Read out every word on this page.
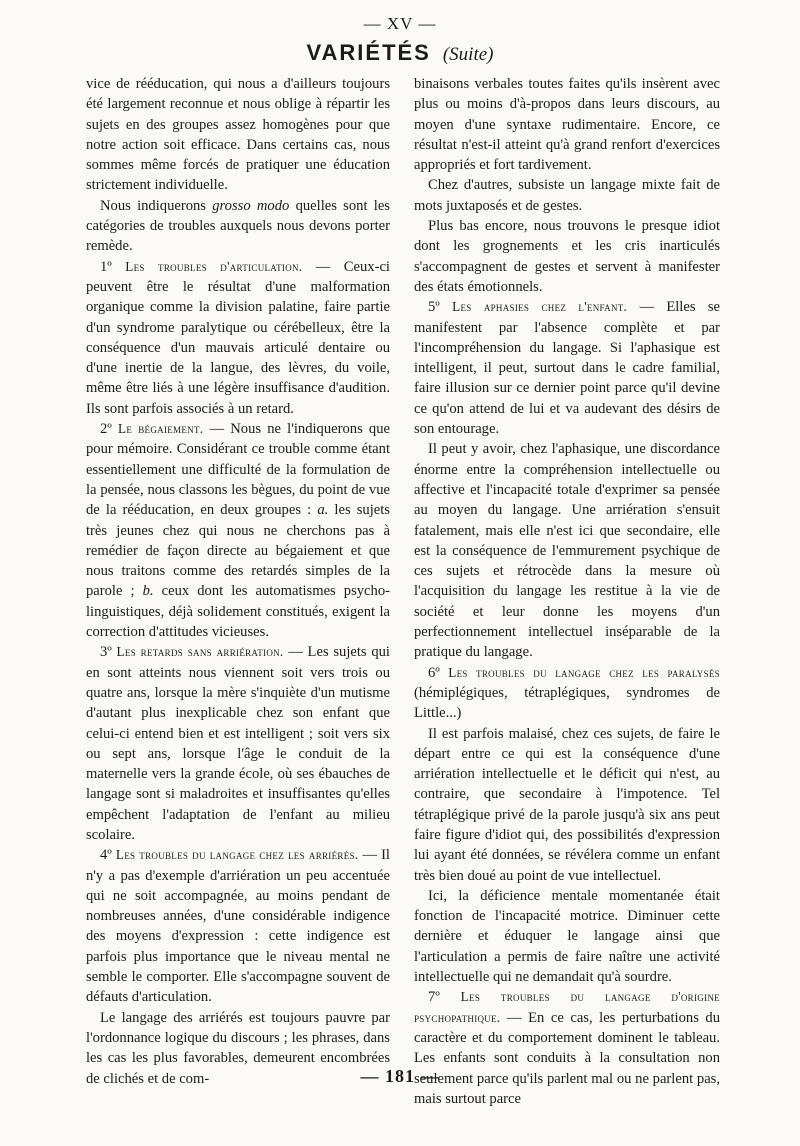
— XV —
VARIÉTÉS (Suite)

vice de rééducation, qui nous a d'ailleurs toujours été largement reconnue et nous oblige à répartir les sujets en des groupes assez homogènes pour que notre action soit efficace. Dans certains cas, nous sommes même forcés de pratiquer une éducation strictement individuelle.

Nous indiquerons grosso modo quelles sont les catégories de troubles auxquels nous devons porter remède.

1º Les troubles d'articulation. — Ceux-ci peuvent être le résultat d'une malformation organique comme la division palatine, faire partie d'un syndrome paralytique ou cérébelleux, être la conséquence d'un mauvais articulé dentaire ou d'une inertie de la langue, des lèvres, du voile, même être liés à une légère insuffisance d'audition. Ils sont parfois associés à un retard.

2º Le bégaiement. — Nous ne l'indiquerons que pour mémoire. Considérant ce trouble comme étant essentiellement une difficulté de la formulation de la pensée, nous classons les bègues, du point de vue de la rééducation, en deux groupes : a. les sujets très jeunes chez qui nous ne cherchons pas à remédier de façon directe au bégaiement et que nous traitons comme des retardés simples de la parole ; b. ceux dont les automatismes psycho-linguistiques, déjà solidement constitués, exigent la correction d'attitudes vicieuses.

3º Les retards sans arriération. — Les sujets qui en sont atteints nous viennent soit vers trois ou quatre ans, lorsque la mère s'inquiète d'un mutisme d'autant plus inexplicable chez son enfant que celui-ci entend bien et est intelligent ; soit vers six ou sept ans, lorsque l'âge le conduit de la maternelle vers la grande école, où ses ébauches de langage sont si maladroites et insuffisantes qu'elles empêchent l'adaptation de l'enfant au milieu scolaire.

4º Les troubles du langage chez les arriérés. — Il n'y a pas d'exemple d'arriération un peu accentuée qui ne soit accompagnée, au moins pendant de nombreuses années, d'une considérable indigence des moyens d'expression : cette indigence est parfois plus importance que le niveau mental ne semble le comporter. Elle s'accompagne souvent de défauts d'articulation.

Le langage des arriérés est toujours pauvre par l'ordonnance logique du discours ; les phrases, dans les cas les plus favorables, demeurent encombrées de clichés et de com-

binaisons verbales toutes faites qu'ils insèrent avec plus ou moins d'à-propos dans leurs discours, au moyen d'une syntaxe rudimentaire. Encore, ce résultat n'est-il atteint qu'à grand renfort d'exercices appropriés et fort tardivement.

Chez d'autres, subsiste un langage mixte fait de mots juxtaposés et de gestes.

Plus bas encore, nous trouvons le presque idiot dont les grognements et les cris inarticulés s'accompagnent de gestes et servent à manifester des états émotionnels.

5º Les aphasies chez l'enfant. — Elles se manifestent par l'absence complète et par l'incompréhension du langage. Si l'aphasique est intelligent, il peut, surtout dans le cadre familial, faire illusion sur ce dernier point parce qu'il devine ce qu'on attend de lui et va audevant des désirs de son entourage.

Il peut y avoir, chez l'aphasique, une discordance énorme entre la compréhension intellectuelle ou affective et l'incapacité totale d'exprimer sa pensée au moyen du langage. Une arriération s'ensuit fatalement, mais elle n'est ici que secondaire, elle est la conséquence de l'emmurement psychique de ces sujets et rétrocède dans la mesure où l'acquisition du langage les restitue à la vie de société et leur donne les moyens d'un perfectionnement intellectuel inséparable de la pratique du langage.

6º Les troubles du langage chez les paralysés (hémiplégiques, tétraplégiques, syndromes de Little...)

Il est parfois malaisé, chez ces sujets, de faire le départ entre ce qui est la conséquence d'une arriération intellectuelle et le déficit qui n'est, au contraire, que secondaire à l'impotence. Tel tétraplégique privé de la parole jusqu'à six ans peut faire figure d'idiot qui, des possibilités d'expression lui ayant été données, se révélera comme un enfant très bien doué au point de vue intellectuel.

Ici, la déficience mentale momentanée était fonction de l'incapacité motrice. Diminuer cette dernière et éduquer le langage ainsi que l'articulation a permis de faire naître une activité intellectuelle qui ne demandait qu'à sourdre.

7º Les troubles du langage d'origine psychopathique. — En ce cas, les perturbations du caractère et du comportement dominent le tableau. Les enfants sont conduits à la consultation non seulement parce qu'ils parlent mal ou ne parlent pas, mais surtout parce

— 181 —
